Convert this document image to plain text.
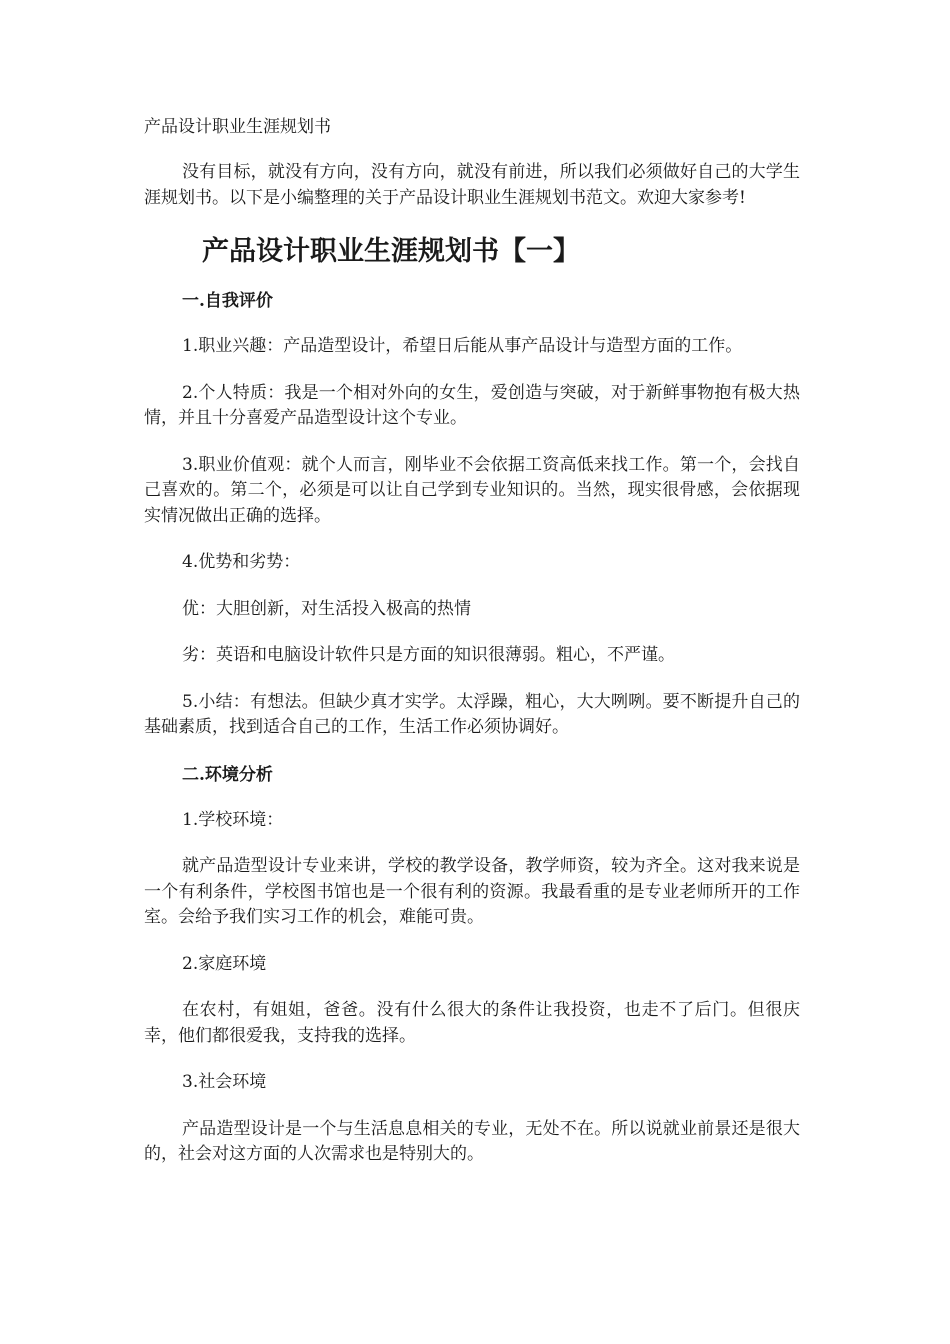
产品设计职业生涯规划书

没有目标，就没有方向，没有方向，就没有前进，所以我们必须做好自己的大学生涯规划书。以下是小编整理的关于产品设计职业生涯规划书范文。欢迎大家参考!

产品设计职业生涯规划书【一】
一.自我评价

1.职业兴趣：产品造型设计，希望日后能从事产品设计与造型方面的工作。

2.个人特质：我是一个相对外向的女生，爱创造与突破，对于新鲜事物抱有极大热情，并且十分喜爱产品造型设计这个专业。

3.职业价值观：就个人而言，刚毕业不会依据工资高低来找工作。第一个，会找自己喜欢的。第二个，必须是可以让自己学到专业知识的。当然，现实很骨感，会依据现实情况做出正确的选择。

4.优势和劣势：

优：大胆创新，对生活投入极高的热情

劣：英语和电脑设计软件只是方面的知识很薄弱。粗心，不严谨。

5.小结：有想法。但缺少真才实学。太浮躁，粗心，大大咧咧。要不断提升自己的基础素质，找到适合自己的工作，生活工作必须协调好。

二.环境分析

1.学校环境：

就产品造型设计专业来讲，学校的教学设备，教学师资，较为齐全。这对我来说是一个有利条件，学校图书馆也是一个很有利的资源。我最看重的是专业老师所开的工作室。会给予我们实习工作的机会，难能可贵。

2.家庭环境

在农村，有姐姐，爸爸。没有什么很大的条件让我投资，也走不了后门。但很庆幸，他们都很爱我，支持我的选择。

3.社会环境

产品造型设计是一个与生活息息相关的专业，无处不在。所以说就业前景还是很大的，社会对这方面的人次需求也是特别大的。
